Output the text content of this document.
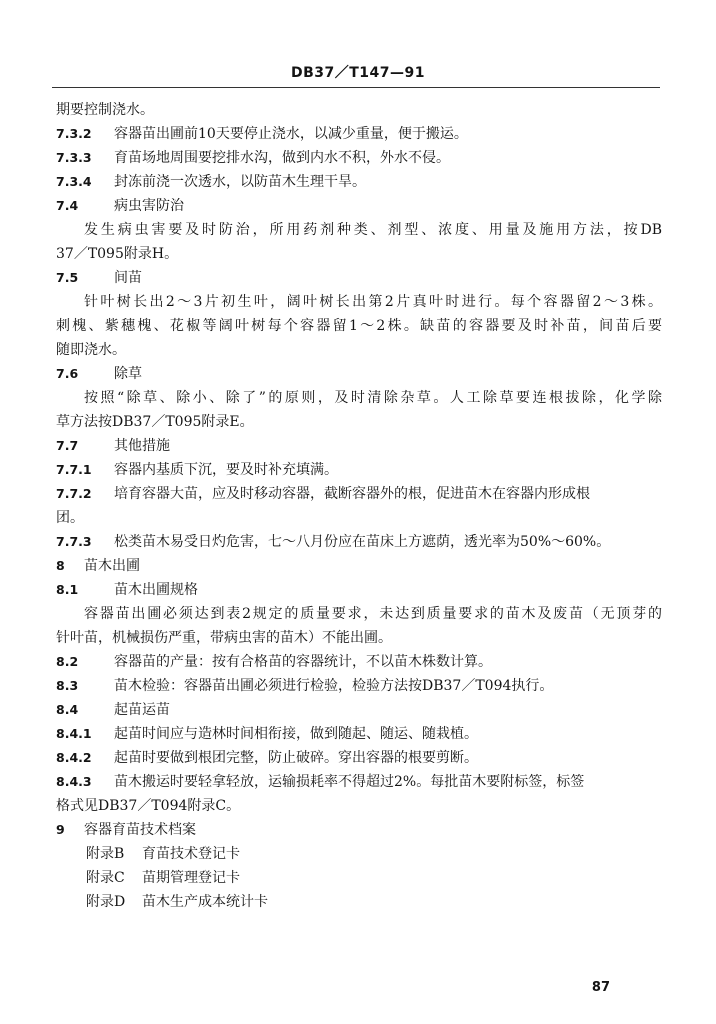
DB37／T147—91
期要控制浇水。
7.3.2 容器苗出圃前10天要停止浇水，以减少重量，便于搬运。
7.3.3 育苗场地周围要挖排水沟，做到内水不积，外水不侵。
7.3.4 封冻前浇一次透水，以防苗木生理干旱。
7.4	病虫害防治
发生病虫害要及时防治，所用药剂种类、剂型、浓度、用量及施用方法，按DB
37／T095附录H。
7.5	间苗
针叶树长出2～3片初生叶，阔叶树长出第2片真叶时进行。每个容器留2～3株。
刺槐、紫穗槐、花椒等阔叶树每个容器留1～2株。缺苗的容器要及时补苗，间苗后要
随即浇水。
7.6	除草
按照“除草、除小、除了”的原则，及时清除杂草。人工除草要连根拔除，化学除
草方法按DB37／T095附录E。
7.7	其他措施
7.7.1 容器内基质下沉，要及时补充填满。
7.7.2 培育容器大苗，应及时移动容器，截断容器外的根，促进苗木在容器内形成根
团。
7.7.3 松类苗木易受日灼危害，七～八月份应在苗床上方遮荫，透光率为50%～60%。
8 苗木出圃
8.1	苗木出圃规格
容器苗出圃必须达到表2规定的质量要求，未达到质量要求的苗木及废苗（无顶芽的
针叶苗，机械损伤严重，带病虫害的苗木）不能出圃。
8.2	容器苗的产量：按有合格苗的容器统计，不以苗木株数计算。
8.3	苗木检验：容器苗出圃必须进行检验，检验方法按DB37／T094执行。
8.4	起苗运苗
8.4.1 起苗时间应与造林时间相衔接，做到随起、随运、随栽植。
8.4.2 起苗时要做到根团完整，防止破碎。穿出容器的根要剪断。
8.4.3 苗木搬运时要轻拿轻放，运输损耗率不得超过2%。每批苗木要附标签，标签
格式见DB37／T094附录C。
9 容器育苗技术档案
附录B 育苗技术登记卡
附录C 苗期管理登记卡
附录D 苗木生产成本统计卡
87
